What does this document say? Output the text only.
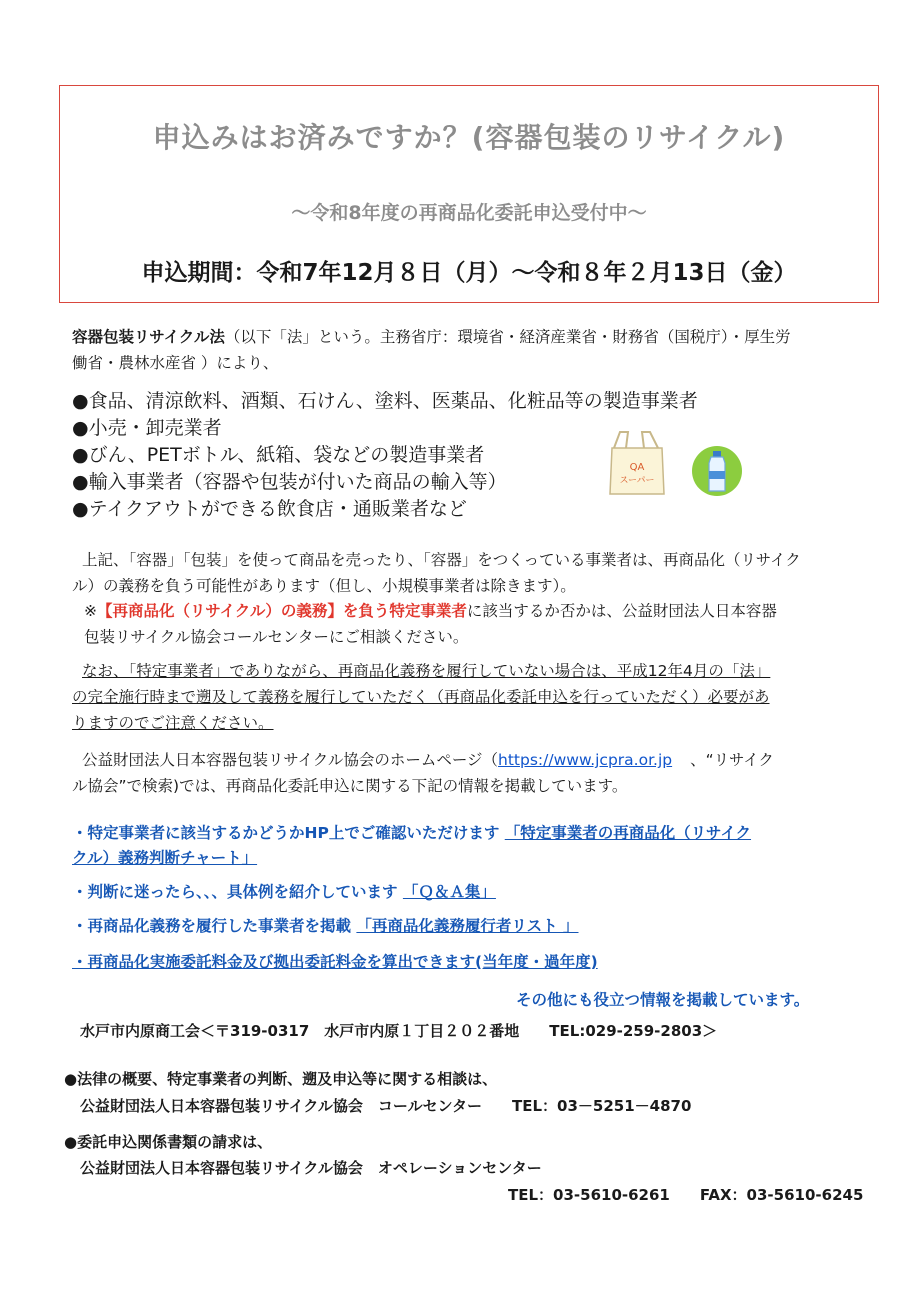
申込みはお済みですか？(容器包装のリサイクル)
～令和8年度の再商品化委託申込受付中～
申込期間：令和7年12月８日（月）～令和８年２月13日（金）
容器包装リサイクル法（以下「法」という。主務省庁：環境省・経済産業省・財務省（国税庁）・厚生労
働省・農林水産省 ）により、
●食品、清涼飲料、酒類、石けん、塗料、医薬品、化粧品等の製造事業者
●小売・卸売業者
●びん、PETボトル、紙箱、袋などの製造事業者
●輸入事業者（容器や包装が付いた商品の輸入等）
●テイクアウトができる飲食店・通販業者など
QA
スーパー
上記、「容器」「包装」を使って商品を売ったり、「容器」をつくっている事業者は、再商品化（リサイク
ル）の義務を負う可能性があります（但し、小規模事業者は除きます）。
※【再商品化（リサイクル）の義務】を負う特定事業者に該当するか否かは、公益財団法人日本容器
包装リサイクル協会コールセンターにご相談ください。
なお、「特定事業者」でありながら、再商品化義務を履行していない場合は、平成12年4月の「法」
の完全施行時まで遡及して義務を履行していただく（再商品化委託申込を行っていただく）必要があ
りますのでご注意ください。
公益財団法人日本容器包装リサイクル協会のホームページ（https://www.jcpra.or.jp 、“リサイク
ル協会”で検索)では、再商品化委託申込に関する下記の情報を掲載しています。
・特定事業者に該当するかどうかHP上でご確認いただけます 「特定事業者の再商品化（リサイク
クル）義務判断チャート」
・判断に迷ったら、、、具体例を紹介しています 「Ｑ＆Ａ集」
・再商品化義務を履行した事業者を掲載 「再商品化義務履行者リスト 」
・再商品化実施委託料金及び拠出委託料金を算出できます(当年度・過年度)
その他にも役立つ情報を掲載しています。
水戸市内原商工会＜〒319-0317　水戸市内原１丁目２０２番地　　TEL:029-259-2803＞
●法律の概要、特定事業者の判断、遡及申込等に関する相談は、
公益財団法人日本容器包装リサイクル協会　コールセンター　　TEL：03－5251－4870
●委託申込関係書類の請求は、
公益財団法人日本容器包装リサイクル協会　オペレーションセンター
TEL：03-5610-6261　　FAX：03-5610-6245
